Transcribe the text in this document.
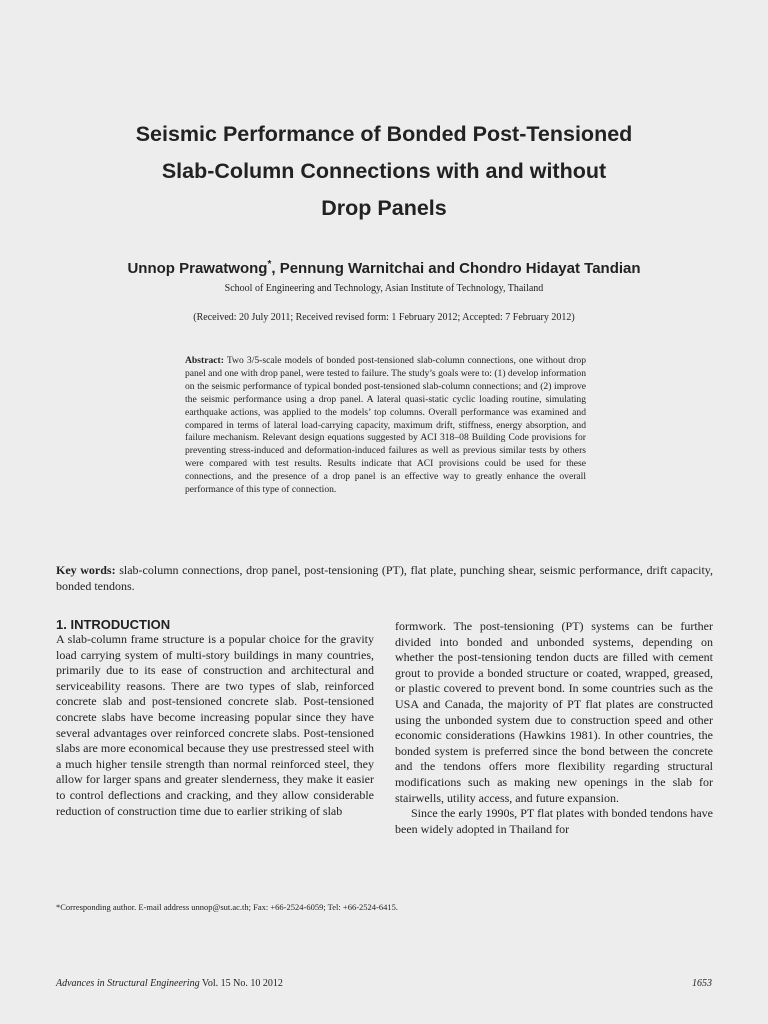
Seismic Performance of Bonded Post-Tensioned
Slab-Column Connections with and without
Drop Panels
Unnop Prawatwong*, Pennung Warnitchai and Chondro Hidayat Tandian
School of Engineering and Technology, Asian Institute of Technology, Thailand
(Received: 20 July 2011; Received revised form: 1 February 2012; Accepted: 7 February 2012)
Abstract: Two 3/5-scale models of bonded post-tensioned slab-column connections, one without drop panel and one with drop panel, were tested to failure. The study’s goals were to: (1) develop information on the seismic performance of typical bonded post-tensioned slab-column connections; and (2) improve the seismic performance using a drop panel. A lateral quasi-static cyclic loading routine, simulating earthquake actions, was applied to the models’ top columns. Overall performance was examined and compared in terms of lateral load-carrying capacity, maximum drift, stiffness, energy absorption, and failure mechanism. Relevant design equations suggested by ACI 318–08 Building Code provisions for preventing stress-induced and deformation-induced failures as well as previous similar tests by others were compared with test results. Results indicate that ACI provisions could be used for these connections, and the presence of a drop panel is an effective way to greatly enhance the overall performance of this type of connection.
Key words: slab-column connections, drop panel, post-tensioning (PT), flat plate, punching shear, seismic performance, drift capacity, bonded tendons.
1. INTRODUCTION

A slab-column frame structure is a popular choice for the gravity load carrying system of multi-story buildings in many countries, primarily due to its ease of construction and architectural and serviceability reasons. There are two types of slab, reinforced concrete slab and post-tensioned concrete slab. Post-tensioned concrete slabs have become increasing popular since they have several advantages over reinforced concrete slabs. Post-tensioned slabs are more economical because they use prestressed steel with a much higher tensile strength than normal reinforced steel, they allow for larger spans and greater slenderness, they make it easier to control deflections and cracking, and they allow considerable reduction of construction time due to earlier striking of slab

formwork. The post-tensioning (PT) systems can be further divided into bonded and unbonded systems, depending on whether the post-tensioning tendon ducts are filled with cement grout to provide a bonded structure or coated, wrapped, greased, or plastic covered to prevent bond. In some countries such as the USA and Canada, the majority of PT flat plates are constructed using the unbonded system due to construction speed and other economic considerations (Hawkins 1981). In other countries, the bonded system is preferred since the bond between the concrete and the tendons offers more flexibility regarding structural modifications such as making new openings in the slab for stairwells, utility access, and future expansion.

Since the early 1990s, PT flat plates with bonded tendons have been widely adopted in Thailand for

*Corresponding author. E-mail address unnop@sut.ac.th; Fax: +66-2524-6059; Tel: +66-2524-6415.
Advances in Structural Engineering Vol. 15 No. 10 2012	1653
